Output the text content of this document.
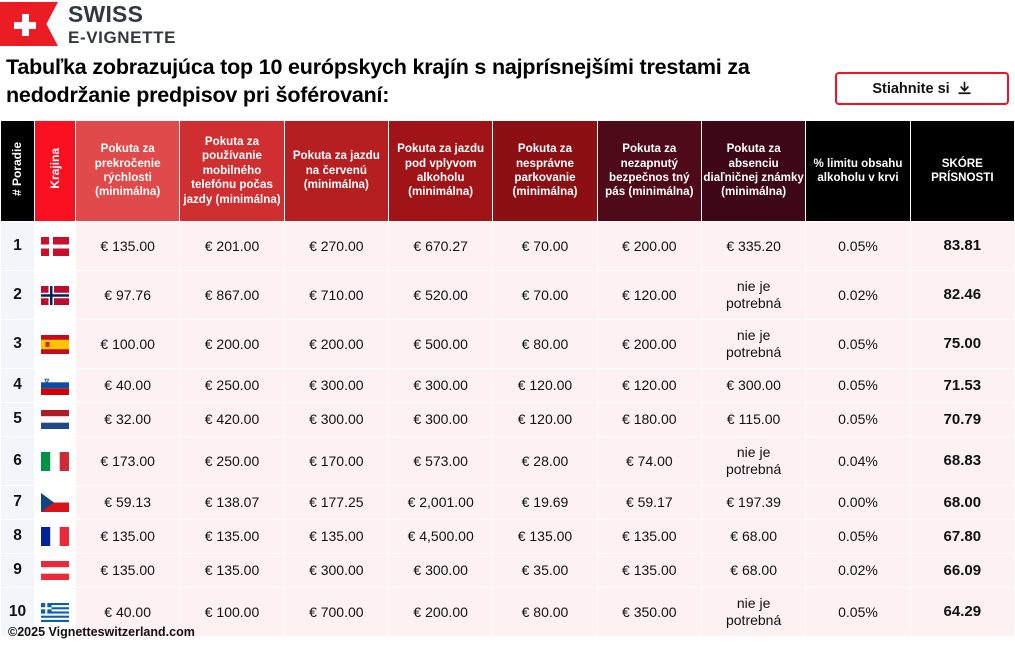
SWISS
E-VIGNETTE
Tabuľka zobrazujúca top 10 európskych krajín s najprísnejšími trestami za nedodržanie predpisov pri šoférovaní:	Stiahnite si
# Poradie	Krajina	Pokuta za prekročenie rýchlosti (minimálna)	Pokuta za používanie mobilného telefónu počas jazdy (minimálna)	Pokuta za jazdu na červenú (minimálna)	Pokuta za jazdu pod vplyvom alkoholu (minimálna)	Pokuta za nesprávne parkovanie (minimálna)	Pokuta za nezapnutý bezpečnos tný pás (minimálna)	Pokuta za absenciu diaľničnej známky (minimálna)	% limitu obsahu alkoholu v krvi	SKÓRE PRÍSNOSTI
1		€ 135.00	€ 201.00	€ 270.00	€ 670.27	€ 70.00	€ 200.00	€ 335.20	0.05%	83.81
2		€ 97.76	€ 867.00	€ 710.00	€ 520.00	€ 70.00	€ 120.00	nie je
potrebná	0.02%	82.46
3		€ 100.00	€ 200.00	€ 200.00	€ 500.00	€ 80.00	€ 200.00	nie je
potrebná	0.05%	75.00
4		€ 40.00	€ 250.00	€ 300.00	€ 300.00	€ 120.00	€ 120.00	€ 300.00	0.05%	71.53
5		€ 32.00	€ 420.00	€ 300.00	€ 300.00	€ 120.00	€ 180.00	€ 115.00	0.05%	70.79
6		€ 173.00	€ 250.00	€ 170.00	€ 573.00	€ 28.00	€ 74.00	nie je
potrebná	0.04%	68.83
7		€ 59.13	€ 138.07	€ 177.25	€ 2,001.00	€ 19.69	€ 59.17	€ 197.39	0.00%	68.00
8		€ 135.00	€ 135.00	€ 135.00	€ 4,500.00	€ 135.00	€ 135.00	€ 68.00	0.05%	67.80
9		€ 135.00	€ 135.00	€ 300.00	€ 300.00	€ 35.00	€ 135.00	€ 68.00	0.02%	66.09
10		€ 40.00	€ 100.00	€ 700.00	€ 200.00	€ 80.00	€ 350.00	nie je
potrebná	0.05%	64.29
©2025 Vignetteswitzerland.com
